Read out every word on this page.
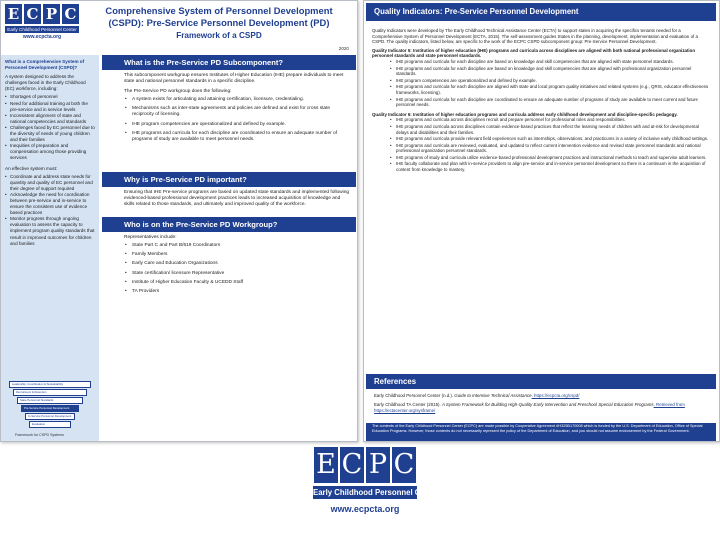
E C P C
Early Childhood Personnel Center
www.ecpcta.org
Comprehensive System of Personnel Development
(CSPD): Pre-Service Personnel Development (PD)
Framework of a CSPD
2020
What is a Comprehensive System of Personnel Development (CSPD)?
A system designed to address the challenges faced in the Early Childhood (EC) workforce, including:
• Shortages of personnel
• Need for additional training at both the pre-service and in service levels
• Inconsistent alignment of state and national competencies and standards
• Challenges faced by EC personnel due to the diversity of needs of young children and their families
• Inequities of preparation and compensation among those providing services
An effective system must:
• Coordinate and address state needs for quantity and quality of EC personnel and their degree of support required
• Acknowledge the need for coordination between pre-service and in-service to ensure the consistent use of evidence based practices
• Monitor progress through ongoing evaluation to assess the capacity to implement program quality standards that result in improved outcomes for children and families
Leadership, Coordination & Sustainability
Recruitment & Retention
State Personnel Standards
Pre-Service Personnel Development
In-Service Personnel Development
Evaluation
Framework for CSPD Systems
What is the Pre-Service PD Subcomponent?
This subcomponent workgroup ensures Institutes of Higher Education (IHE) prepare individuals to meet state and national personnel standards in a specific discipline.
The Pre-Service PD workgroup does the following:
• A system exists for articulating and attaining certification, licensure, credentialing.
• Mechanisms such as inter-state agreements and policies are defined and exist for cross state reciprocity of licensing.
• IHE program competencies are operationalized and defined by example.
• IHE programs and curricula for each discipline are coordinated to ensure an adequate number of programs of study are available to meet personnel needs.
Why is Pre-Service PD important?
Ensuring that IHE Pre-service programs are based on updated state standards and implemented following evidenced-based professional development practices leads to increased acquisition of knowledge and skills related to those standards, and ultimately and improved quality of the workforce.
Who is on the Pre-Service PD Workgroup?
Representatives include:
• State Part C and Part B/619 Coordinators
• Family Members
• Early Care and Education Organizations
• State certification/ licensure Representative
• Institute of Higher Education Faculty & UCEDD Staff
• TA Providers
Quality Indicators: Pre-Service Personnel Development
Quality Indicators were developed by The Early Childhood Technical Assistance Center (ECTA) to support states in acquiring the specifics tenants needed for a Comprehensive System of Personnel Development (ECTA, 2015). The self-assessment guides States in the planning, development, implementation and evaluation of a CSPD. The quality indicators, listed below, are specific to the work of the ECPC CSPD subcomponent group: Pre-Service Personnel Development.
Quality Indicator 5: Institution of higher education (IHE) programs and curricula across disciplines are aligned with both national professional organization personnel standards and state personnel standards.
• IHE programs and curricula for each discipline are based on knowledge and skill competencies that are aligned with state personnel standards.
• IHE programs and curricula for each discipline are based on knowledge and skill competencies that are aligned with professional organization personnel standards.
• IHE program competencies are operationalized and defined by example.
• IHE programs and curricula for each discipline are aligned with state and local program quality initiatives and related systems (e.g., QRIS, educator effectiveness frameworks, licensing).
• IHE programs and curricula for each discipline are coordinated to ensure an adequate number of programs of study are available to meet current and future personnel needs.
Quality Indicator 6: Institution of higher education programs and curricula address early childhood development and discipline-specific pedagogy.
• IHE programs and curricula across disciplines recruit and prepare personnel for professional roles and responsibilities.
• IHE programs and curricula across disciplines contain evidence-based practices that reflect the learning needs of children with and at-risk for developmental delays and disabilities and their families.
• IHE programs and curricula provide relevant field experiences such as internships, observations, and practicums in a variety of inclusive early childhood settings.
• IHE programs and curricula are reviewed, evaluated, and updated to reflect current intervention evidence and revised state personnel standards and national professional organization personnel standards.
• IHE programs of study and curricula utilize evidence-based professional development practices and instructional methods to teach and supervise adult learners.
• IHE faculty collaborate and plan with in-service providers to align pre-service and in-service personnel development so there is a continuum in the acquisition of content from knowledge to mastery.
References
Early Childhood Personnel Center (n.d.). Guide to Intensive Technical Assistance. https://ecpcta.org/cspd/
Early Childhood TA Center (2015). A System Framework for Building High-Quality Early Intervention and Preschool Special Education Programs. Retrieved from https://ectacenter.org/sysframe/
The contents of the Early Childhood Personnel Center (ECPC) are made possible by Cooperative Agreement #H325B170008 which is funded by the U.S. Department of Education, Office of Special Education Programs. However, those contents do not necessarily represent the policy of the Department of Education, and you should not assume endorsement by the Federal Government.
E C P C
Early Childhood Personnel Center
www.ecpcta.org
